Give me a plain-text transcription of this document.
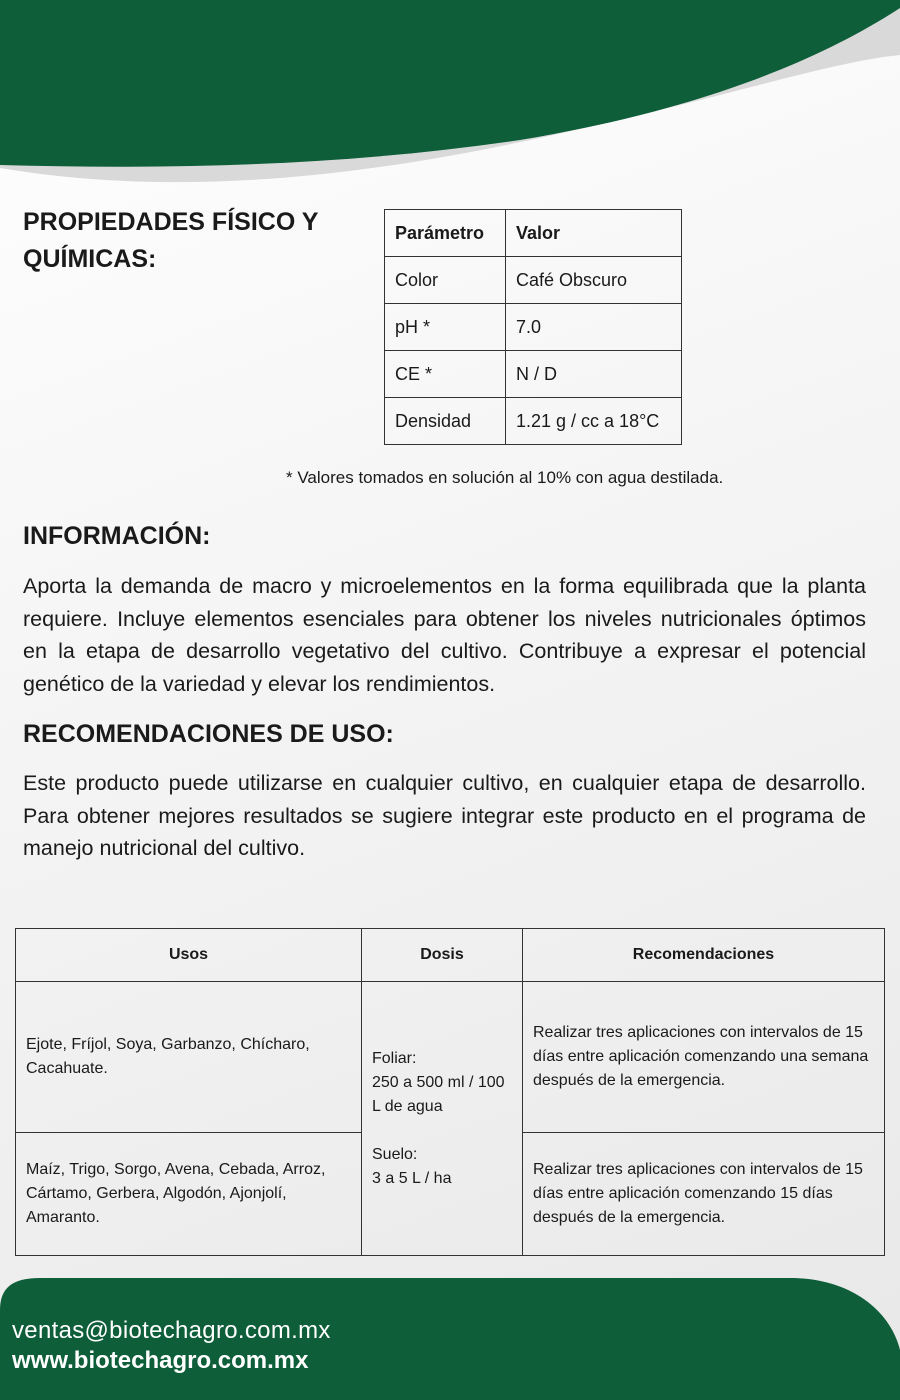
PROPIEDADES FÍSICO Y QUÍMICAS:
Parámetro	Valor
Color	Café Obscuro
pH *	7.0
CE *	N / D
Densidad	1.21 g / cc a 18°C
* Valores tomados en solución al 10% con agua destilada.
INFORMACIÓN:

Aporta la demanda de macro y microelementos en la forma equilibrada que la planta requiere. Incluye elementos esenciales para obtener los niveles nutricionales óptimos en la etapa de desarrollo vegetativo del cultivo. Contribuye a expresar el potencial genético de la variedad y elevar los rendimientos.

RECOMENDACIONES DE USO:

Este producto puede utilizarse en cualquier cultivo, en cualquier etapa de desarrollo. Para obtener mejores resultados se sugiere integrar este producto en el programa de manejo nutricional del cultivo.

Usos	Dosis	Recomendaciones
Ejote, Fríjol, Soya, Garbanzo, Chícharo, Cacahuate.	Foliar:
250 a 500 ml / 100 L de agua
Suelo:
3 a 5 L / ha	Realizar tres aplicaciones con intervalos de 15 días entre aplicación comenzando una semana después de la emergencia.
Maíz, Trigo, Sorgo, Avena, Cebada, Arroz, Cártamo, Gerbera, Algodón, Ajonjolí, Amaranto.		Realizar tres aplicaciones con intervalos de 15 días entre aplicación comenzando 15 días después de la emergencia.
ventas@biotechagro.com.mx
www.biotechagro.com.mx
